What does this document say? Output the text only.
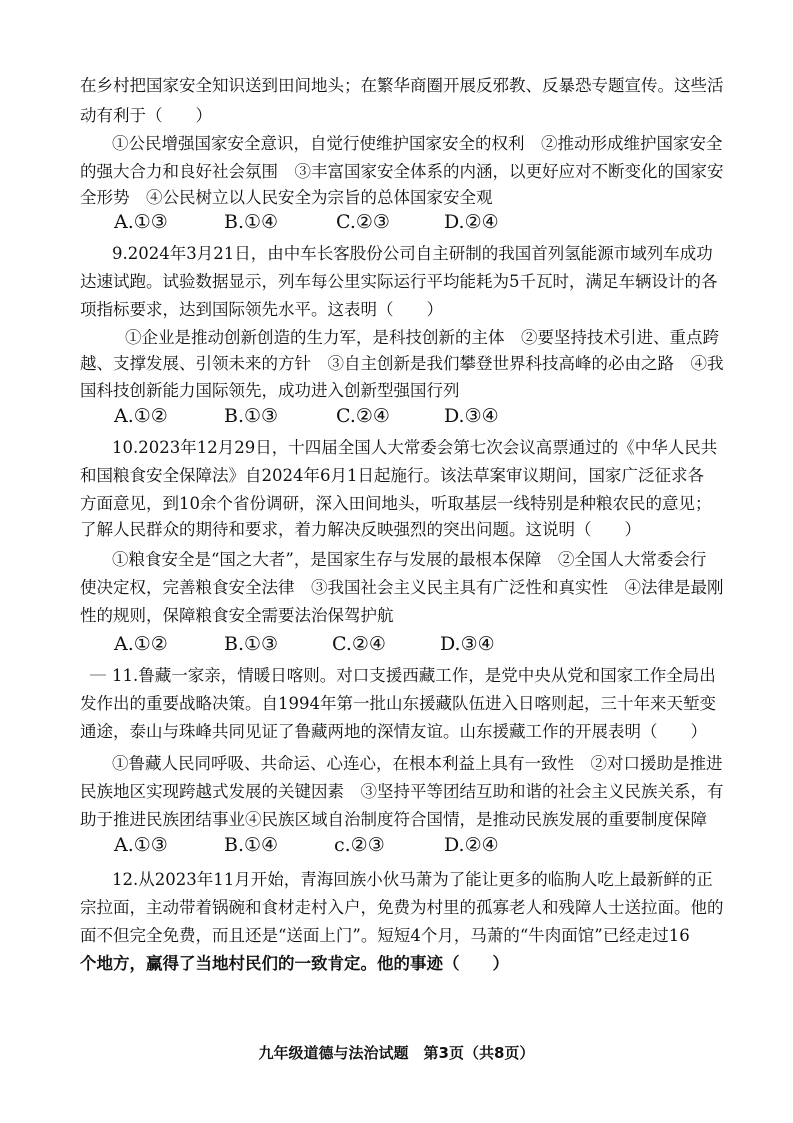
在乡村把国家安全知识送到田间地头；在繁华商圈开展反邪教、反暴恐专题宣传。这些活
动有利于（　　）
①公民增强国家安全意识，自觉行使维护国家安全的权利　②推动形成维护国家安全
的强大合力和良好社会氛围　③丰富国家安全体系的内涵，以更好应对不断变化的国家安
全形势　④公民树立以人民安全为宗旨的总体国家安全观
A.①③	B.①④	C.②③	D.②④
9.2024年3月21日，由中车长客股份公司自主研制的我国首列氢能源市域列车成功
达速试跑。试验数据显示，列车每公里实际运行平均能耗为5千瓦时，满足车辆设计的各
项指标要求，达到国际领先水平。这表明（　　）
①企业是推动创新创造的生力军，是科技创新的主体　②要坚持技术引进、重点跨
越、支撑发展、引领未来的方针　③自主创新是我们攀登世界科技高峰的必由之路　④我
国科技创新能力国际领先，成功进入创新型强国行列
A.①②	B.①③	C.②④	D.③④
10.2023年12月29日，十四届全国人大常委会第七次会议高票通过的《中华人民共
和国粮食安全保障法》自2024年6月1日起施行。该法草案审议期间，国家广泛征求各
方面意见，到10余个省份调研，深入田间地头，听取基层一线特别是种粮农民的意见；
了解人民群众的期待和要求，着力解决反映强烈的突出问题。这说明（　　）
①粮食安全是“国之大者”，是国家生存与发展的最根本保障　②全国人大常委会行
使决定权，完善粮食安全法律　③我国社会主义民主具有广泛性和真实性　④法律是最刚
性的规则，保障粮食安全需要法治保驾护航
A.①②	B.①③	C.②④	D.③④
11.鲁藏一家亲，情暖日喀则。对口支援西藏工作，是党中央从党和国家工作全局出
发作出的重要战略决策。自1994年第一批山东援藏队伍进入日喀则起，三十年来天堑变
通途，泰山与珠峰共同见证了鲁藏两地的深情友谊。山东援藏工作的开展表明（　　）
①鲁藏人民同呼吸、共命运、心连心，在根本利益上具有一致性　②对口援助是推进
民族地区实现跨越式发展的关键因素　③坚持平等团结互助和谐的社会主义民族关系，有
助于推进民族团结事业④民族区域自治制度符合国情，是推动民族发展的重要制度保障
A.①③	B.①④	c.②③	D.②④
12.从2023年11月开始，青海回族小伙马萧为了能让更多的临朐人吃上最新鲜的正
宗拉面，主动带着锅碗和食材走村入户，免费为村里的孤寡老人和残障人士送拉面。他的
面不但完全免费，而且还是“送面上门”。短短4个月，马萧的“牛肉面馆”已经走过16
个地方，赢得了当地村民们的一致肯定。他的事迹（　　）
九年级道德与法治试题　第3页（共8页）
